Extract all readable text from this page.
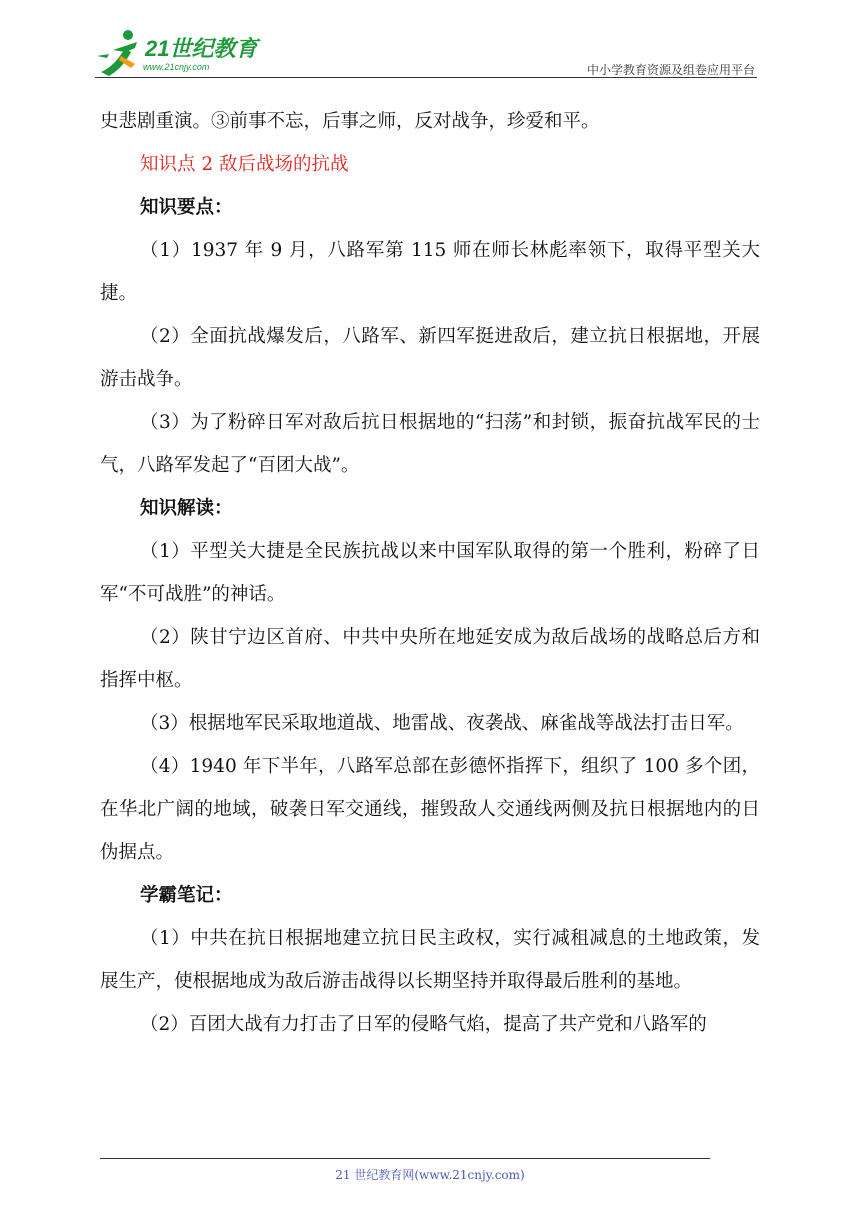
21世纪教育
www.21cnjy.com	中小学教育资源及组卷应用平台

史悲剧重演。③前事不忘，后事之师，反对战争，珍爱和平。

知识点 2 敌后战场的抗战

知识要点：

（1）1937 年 9 月，八路军第 115 师在师长林彪率领下，取得平型关大捷。

（2）全面抗战爆发后，八路军、新四军挺进敌后，建立抗日根据地，开展游击战争。

（3）为了粉碎日军对敌后抗日根据地的“扫荡”和封锁，振奋抗战军民的士气，八路军发起了“百团大战”。

知识解读：

（1）平型关大捷是全民族抗战以来中国军队取得的第一个胜利，粉碎了日军“不可战胜”的神话。

（2）陕甘宁边区首府、中共中央所在地延安成为敌后战场的战略总后方和指挥中枢。

（3）根据地军民采取地道战、地雷战、夜袭战、麻雀战等战法打击日军。

（4）1940 年下半年，八路军总部在彭德怀指挥下，组织了 100 多个团，在华北广阔的地域，破袭日军交通线，摧毁敌人交通线两侧及抗日根据地内的日伪据点。

学霸笔记：

（1）中共在抗日根据地建立抗日民主政权，实行减租减息的土地政策，发展生产，使根据地成为敌后游击战得以长期坚持并取得最后胜利的基地。

（2）百团大战有力打击了日军的侵略气焰，提高了共产党和八路军的

21 世纪教育网(www.21cnjy.com)
